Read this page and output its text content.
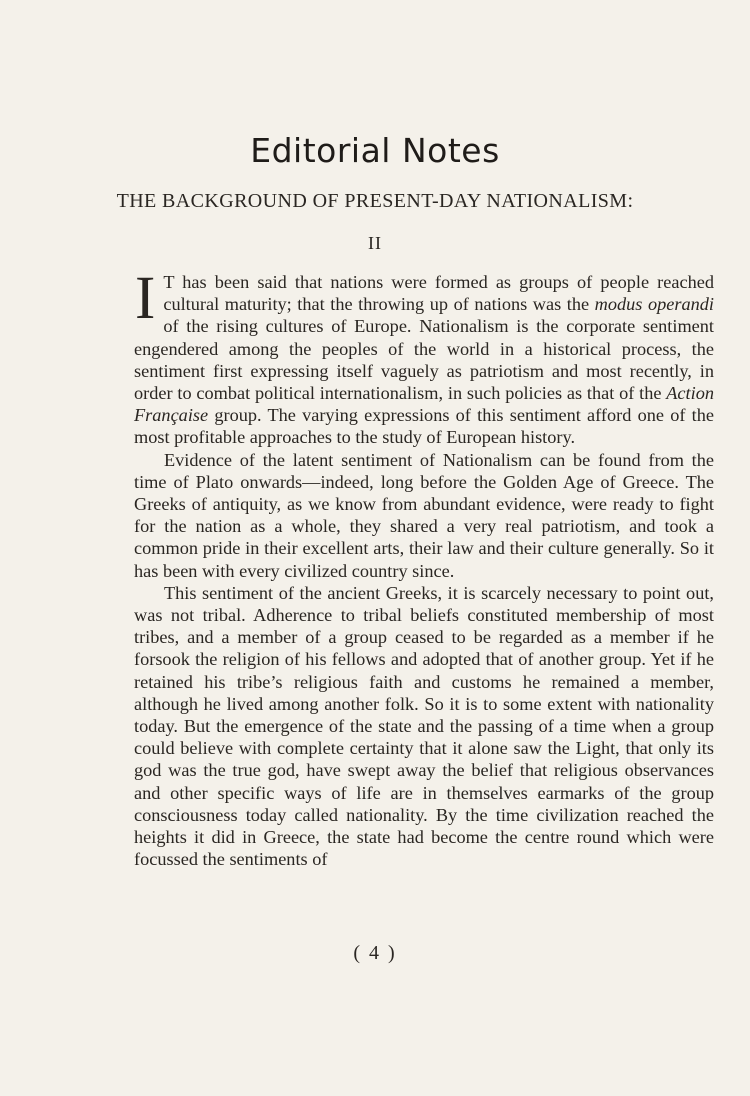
Editorial Notes
THE BACKGROUND OF PRESENT-DAY NATIONALISM:
II

I T has been said that nations were formed as groups of people reached cultural maturity; that the throwing up of nations was the modus operandi of the rising cultures of Europe. Nationalism is the corporate sentiment engendered among the peoples of the world in a historical process, the sentiment first expressing itself vaguely as patriotism and most recently, in order to combat political internationalism, in such policies as that of the Action Française group. The varying expressions of this sentiment afford one of the most profitable approaches to the study of European history.

Evidence of the latent sentiment of Nationalism can be found from the time of Plato onwards—indeed, long before the Golden Age of Greece. The Greeks of antiquity, as we know from abundant evidence, were ready to fight for the nation as a whole, they shared a very real patriotism, and took a common pride in their excellent arts, their law and their culture generally. So it has been with every civilized country since.

This sentiment of the ancient Greeks, it is scarcely necessary to point out, was not tribal. Adherence to tribal beliefs constituted membership of most tribes, and a member of a group ceased to be regarded as a member if he forsook the religion of his fellows and adopted that of another group. Yet if he retained his tribe’s religious faith and customs he remained a member, although he lived among another folk. So it is to some extent with nationality today. But the emergence of the state and the passing of a time when a group could believe with complete certainty that it alone saw the Light, that only its god was the true god, have swept away the belief that religious observances and other specific ways of life are in themselves earmarks of the group consciousness today called nationality. By the time civilization reached the heights it did in Greece, the state had become the centre round which were focussed the sentiments of

( 4 )
